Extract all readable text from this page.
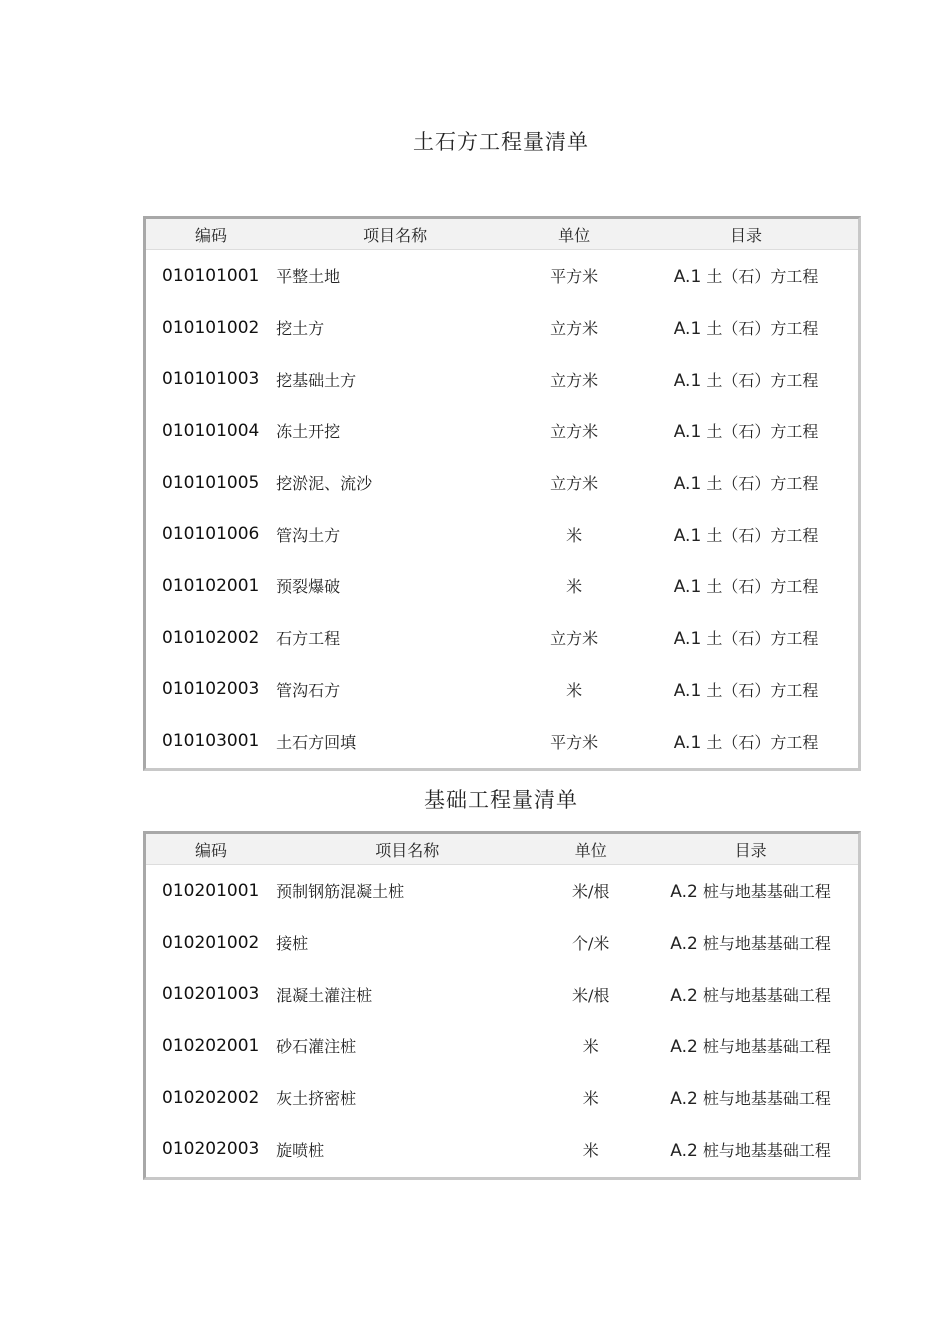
土石方工程量清单
编码	项目名称	单位	目录
010101001	平整土地	平方米	A.1 土（石）方工程
010101002	挖土方	立方米	A.1 土（石）方工程
010101003	挖基础土方	立方米	A.1 土（石）方工程
010101004	冻土开挖	立方米	A.1 土（石）方工程
010101005	挖淤泥、流沙	立方米	A.1 土（石）方工程
010101006	管沟土方	米	A.1 土（石）方工程
010102001	预裂爆破	米	A.1 土（石）方工程
010102002	石方工程	立方米	A.1 土（石）方工程
010102003	管沟石方	米	A.1 土（石）方工程
010103001	土石方回填	平方米	A.1 土（石）方工程
基础工程量清单
编码	项目名称	单位	目录
010201001	预制钢筋混凝土桩	米/根	A.2 桩与地基基础工程
010201002	接桩	个/米	A.2 桩与地基基础工程
010201003	混凝土灌注桩	米/根	A.2 桩与地基基础工程
010202001	砂石灌注桩	米	A.2 桩与地基基础工程
010202002	灰土挤密桩	米	A.2 桩与地基基础工程
010202003	旋喷桩	米	A.2 桩与地基基础工程
